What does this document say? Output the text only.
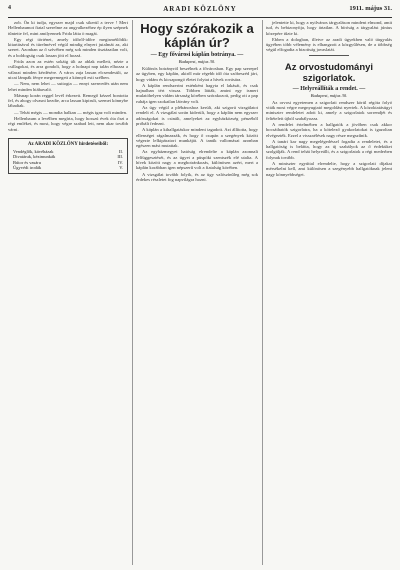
4	ARADI KÖZLÖNY	1911. május 31.

zob. Ön ki tudja, egyszer majd csak sikerül a terve ! Mert Hellenbaumot fiatal szerelme az angyalkezéhez ép ilyen szépnek tűntette fel, mint amilyennek Frida látta ö magát.

Egy régi történet, amely időről-időre megismétlődik: kitartásával és türelmével végül mindig elnyeri jutalmát az, aki szeret. Azonban az ő szívében még sok minden tisztázatlan volt, és a boldogság csak lassan jött el hozzá.

Frida azon az estén sokáig ült az ablak mellett, nézte a csillagokat, és arra gondolt, hogy a holnapi nap talán elhozza a választ minden kérdésére. A város zaja lassan elcsendesült, az utcai lámpák fénye megremegett a könnyű esti szélben.

— Nem, nem lehet — suttogta — ennyi szenvedés után nem lehet minden hiábavaló.

Másnap korán reggel levél érkezett. Remegő kézzel bontotta fel, és ahogy olvasni kezdte, arca lassan kipirult, szemei könnybe lábadtak.

— Tehát mégis — mondta halkan — mégis igaz volt minden.

Hellenbaum a levélben megírta, hogy hosszú évek óta őrzi a régi emléket, és most, hogy végre szabad lett, nem akar tovább várni.

Az ARADI KÖZLÖNY hirdetéseiből:
Vendéglők, kávéházak	II.
Divatáruk, kézimunkák	III.
Bútor és vasáru	IV.
Ügyvédi irodák	V.
Hogy szórakozik a káplán úr?
— Egy fővárosi káplán botránya. —
Budapest, május 30.

Különös botrányról beszélnek a fővárosban. Egy pap szerepel az ügyben, egy káplán, akiről már régebb idő óta szóbeszéd járt, hogy vidám és kicsapongó életet folytat a hívek rovására.

A káplán rendszerint esténként hagyta el lakását, és csak hajnalban tért vissza. Többen látták, amint egy ismert mulatóhelyen vidám társaság körében szórakozott, pedig ott a pap ruhája igen szokatlan látvány volt.

Az ügy végül a plébánoshoz került, aki szigorú vizsgálatot rendelt el. A vizsgálat során kiderült, hogy a káplán nem egyszer adósságokat is csinált, amelyeket az egyházközség pénzéből próbált fedezni.

A káplán a kihallgatáskor mindent tagadott. Azt állította, hogy ellenségei rágalmazzák, és hogy ő csupán a szegények között végezte lelkipásztori munkáját. A tanúk vallomásai azonban egészen mást mutattak.

Az egyházmegyei hatóság elrendelte a káplán azonnali felfüggesztését, és az ügyet a püspöki szentszék elé utalta. A hívek között nagy a megbotránkozás, különösen azért, mert a káplán korábban igen népszerű volt a fiatalság körében.

A vizsgálat tovább folyik, és az ügy valószínűleg még sok érdekes részletet fog napvilágra hozni.

jelentette ki, hogy a nyilvános tárgyaláson mindent elmond, amit tud, és bebizonyítja, hogy ártatlan. A bíróság a tárgyalást június közepére tűzte ki.

Ebben a dologban, illetve az aradi ügyekben való tárgyalás ügyében több vélemény is elhangzott a közgyűlésen, de a többség végül elfogadta a bizottság javaslatát.

Az orvostudományi szigorlatok.
— Helyreállíták a rendet. —
Budapest, május 30.

Az orvosi egyetemen a szigorlati rendszer körül régóta folyó viták most végre megnyugtató megoldást nyertek. A közoktatásügyi miniszter rendeletet adott ki, amely a szigorlatok sorrendjét és feltételeit újból szabályozza.

A rendelet értelmében a hallgatók a jövőben csak akkor bocsáthatók szigorlatra, ha a kötelező gyakorlatokat is igazoltan elvégezték. Ezzel a visszaélések nagy része megszűnik.

A tanári kar nagy megelégedéssel fogadta a rendeletet, és a hallgatóság is belátta, hogy az új szabályok az ő érdeküket szolgálják. A rend tehát helyreállt, és a szigorlatok a régi mederben folynak tovább.

A miniszter egyúttal elrendelte, hogy a szigorlati díjakat mérsékelni kell, ami különösen a szegényebb hallgatóknak jelent nagy könnyebbséget.
